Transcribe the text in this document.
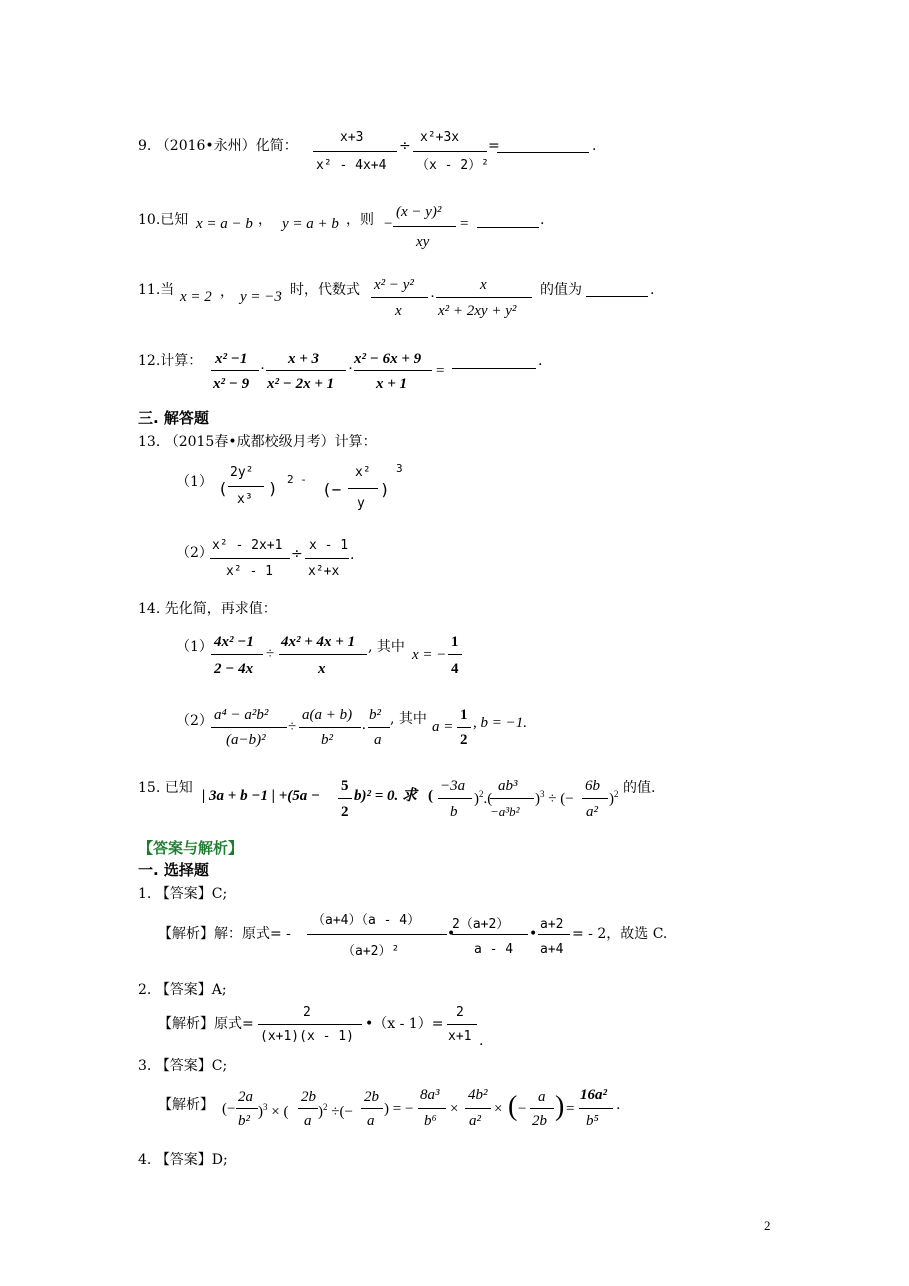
9. （2016•永州）化简：
x+3
x² - 4x+4
÷
x²+3x
（x - 2）²
=	.
10.已知 x = a − b ， y = a + b ，则 −
(x − y)²
xy
=	.
11.当 x = 2 ， y = −3 时，代数式 x² − y²
x
·
x
x² + 2xy + y²
的值为	.
12.计算： x² −1
x² − 9
·
x + 3
x² − 2x + 1
·
x² − 6x + 9
x + 1
=
.
三. 解答题
13. （2015春•成都校级月考）计算：
（1） (
2y²
x³
) 2 -
(−
x²
y
)
3
（2） x² - 2x+1
x² - 1
÷
x - 1
x²+x
.
14. 先化简，再求值：
（1） 4x² −1
2 − 4x
÷
4x² + 4x + 1
x
, 其中 x = −
1
4
（2） a⁴ − a²b²
(a−b)²
÷
a(a + b)
b²
.
b²
a
, 其中 a =
1
2
, b = −1.
15. 已知 | 3a + b −1 | +(5a −
5
2
b)² = 0. 求 (
−3a
b
)$^2$.(
ab³
−a³b²
)$^3$ ÷ (−
6b
a²
)$^2$ 的值.
【答案与解析】
一. 选择题
1. 【答案】C;
【解析】解：原式= -
（a+4）（a - 4）
（a+2）²
•
2（a+2）
a - 4
•
a+2
a+4
= - 2，故选 C.
2. 【答案】A;
【解析】原式=
2
(x+1)(x - 1)
•（x - 1）=
2
x+1 .
3. 【答案】C;
【解析】 (−
2a
b²
)$^3$ × (
2b
a
)$^2$ ÷(−
2b
a
) = −
8a³
b⁶
×
4b²
a²
× ( −
a
2b ) =
16a²
b⁵
.
4. 【答案】D;
2
